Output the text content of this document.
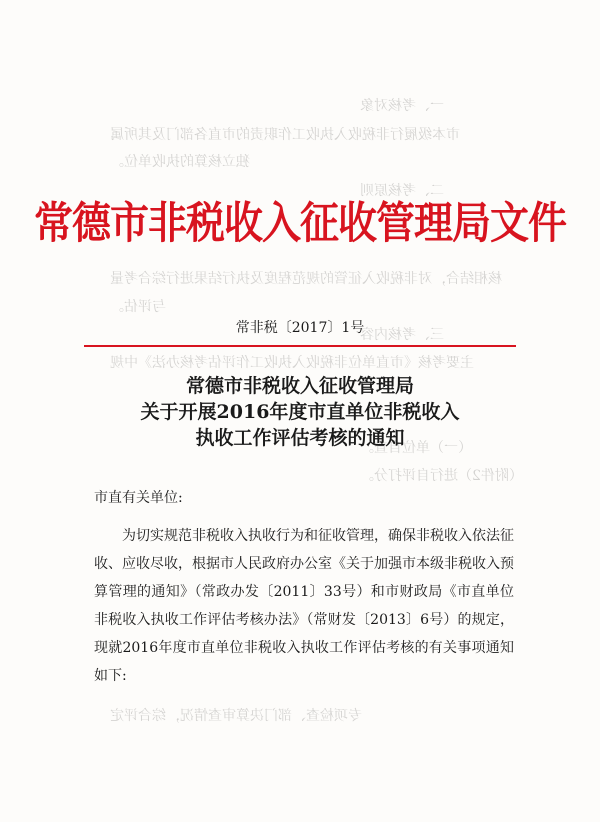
一、考核对象
市本级履行非税收入执收工作职责的市直各部门及其所属
独立核算的执收单位。
二、考核原则
核相结合，对非税收入征管的规范程度及执行结果进行综合考量
与评估。
三、考核内容
主要考核《市直单位非税收入执收工作评估考核办法》中规
（一）单位自查。
（附件2）进行自评打分。
专项检查、部门决算审查情况，综合评定
常德市非税收入征收管理局文件
常非税〔2017〕1号
常德市非税收入征收管理局
关于开展2016年度市直单位非税收入
执收工作评估考核的通知
市直有关单位:

为切实规范非税收入执收行为和征收管理，确保非税收入依法征收、应收尽收，根据市人民政府办公室《关于加强市本级非税收入预算管理的通知》（常政办发〔2011〕33号）和市财政局《市直单位非税收入执收工作评估考核办法》（常财发〔2013〕6号）的规定，现就2016年度市直单位非税收入执收工作评估考核的有关事项通知如下:
